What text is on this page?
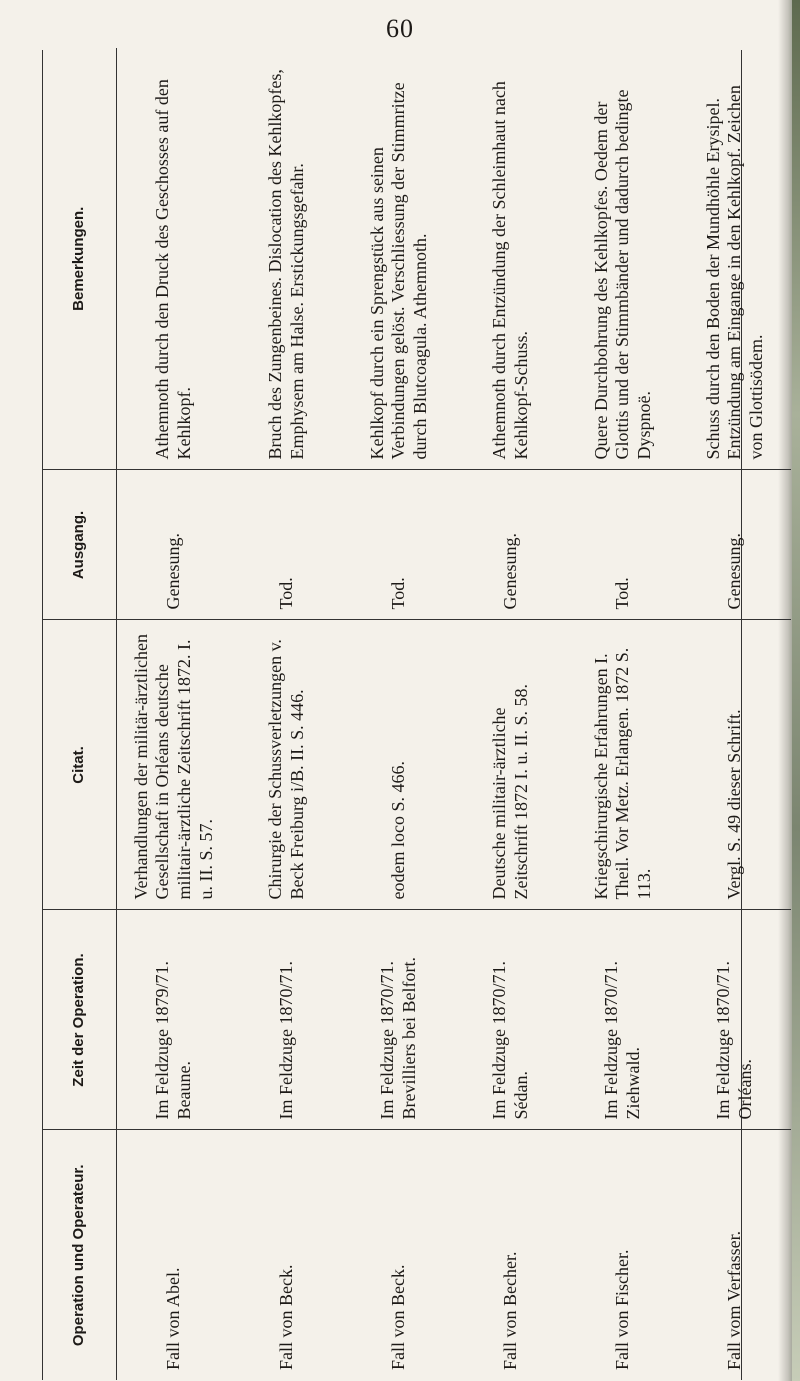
60
Operation und Operateur.	Zeit der Operation.	Citat.	Ausgang.	Bemerkungen.
Fall von Abel.	Im Feldzuge 1879/71. Beaune.	Verhandlungen der militär-ärztlichen Gesellschaft in Orléans deutsche militair-ärztliche Zeitschrift 1872. I. u. II. S. 57.	Genesung.	Athemnoth durch den Druck des Geschosses auf den Kehlkopf.
Fall von Beck.	Im Feldzuge 1870/71.	Chirurgie der Schussverletzungen v. Beck Freiburg i/B. II. S. 446.	Tod.	Bruch des Zungenbeines. Dislocation des Kehlkopfes, Emphysem am Halse. Erstickungsgefahr.
Fall von Beck.	Im Feldzuge 1870/71. Brevilliers bei Belfort.	eodem loco S. 466.	Tod.	Kehlkopf durch ein Sprengstück aus seinen Verbindungen gelöst. Verschliessung der Stimmritze durch Blutcoagula. Athemnoth.
Fall von Becher.	Im Feldzuge 1870/71. Sédan.	Deutsche militair-ärztliche Zeitschrift 1872 I. u. II. S. 58.	Genesung.	Athemnoth durch Entzündung der Schleimhaut nach Kehlkopf-Schuss.
Fall von Fischer.	Im Feldzuge 1870/71. Ziehwald.	Kriegschirurgische Erfahrungen I. Theil. Vor Metz. Erlangen. 1872 S. 113.	Tod.	Quere Durchbohrung des Kehlkopfes. Oedem der Glottis und der Stimmbänder und dadurch bedingte Dyspnoë.
Fall vom Verfasser.	Im Feldzuge 1870/71. Orléans.	Vergl. S. 49 dieser Schrift.	Genesung.	Schuss durch den Boden der Mundhöhle Erysipel. Entzündung am Eingange in den Kehlkopf. Zeichen von Glottisödem.
